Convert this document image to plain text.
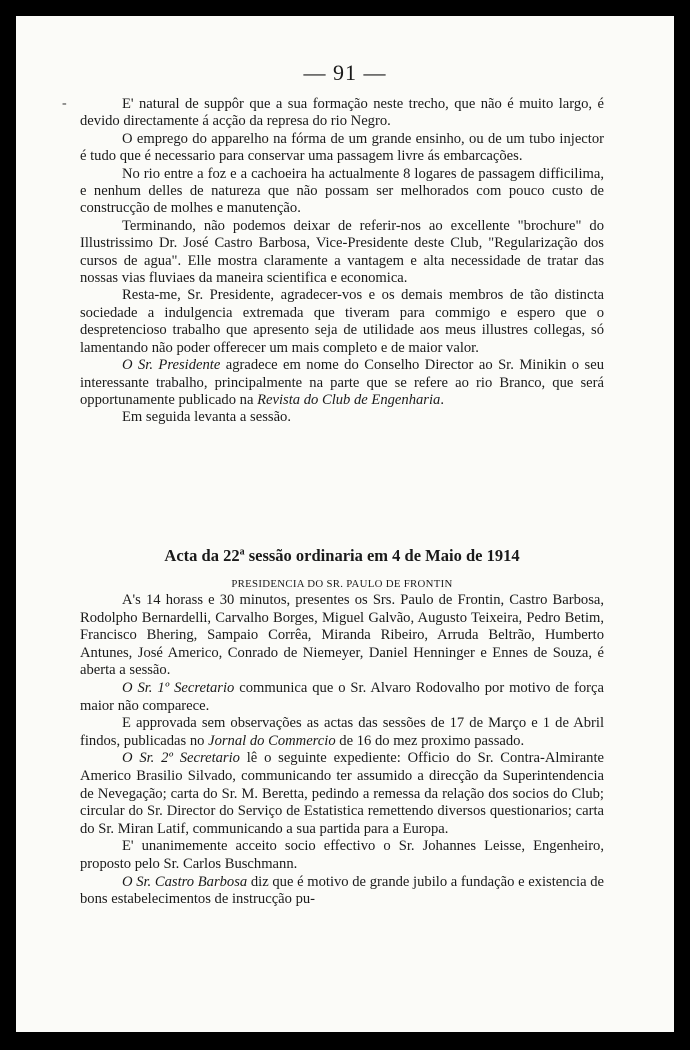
— 91 —
-	E' natural de suppôr que a sua formação neste trecho, que não é muito largo, é devido directamente á acção da represa do rio Negro.

O emprego do apparelho na fórma de um grande ensinho, ou de um tubo injector é tudo que é necessario para conservar uma passagem livre ás embarcações.

No rio entre a foz e a cachoeira ha actualmente 8 logares de passagem difficilima, e nenhum delles de natureza que não possam ser melhorados com pouco custo de construcção de molhes e manutenção.

Terminando, não podemos deixar de referir-nos ao excellente "brochure" do Illustrissimo Dr. José Castro Barbosa, Vice-Presidente deste Club, "Regularização dos cursos de agua". Elle mostra claramente a vantagem e alta necessidade de tratar das nossas vias fluviaes da maneira scientifica e economica.

Resta-me, Sr. Presidente, agradecer-vos e os demais membros de tão distincta sociedade a indulgencia extremada que tiveram para commigo e espero que o despretencioso trabalho que apresento seja de utilidade aos meus illustres collegas, só lamentando não poder offerecer um mais completo e de maior valor.

O Sr. Presidente agradece em nome do Conselho Director ao Sr. Minikin o seu interessante trabalho, principalmente na parte que se refere ao rio Branco, que será opportunamente publicado na Revista do Club de Engenharia.

Em seguida levanta a sessão.

Acta da 22$^a$ sessão ordinaria em 4 de Maio de 1914
PRESIDENCIA DO SR. PAULO DE FRONTIN

A's 14 horass e 30 minutos, presentes os Srs. Paulo de Frontin, Castro Barbosa, Rodolpho Bernardelli, Carvalho Borges, Miguel Galvão, Augusto Teixeira, Pedro Betim, Francisco Bhering, Sampaio Corrêa, Miranda Ribeiro, Arruda Beltrão, Humberto Antunes, José Americo, Conrado de Niemeyer, Daniel Henninger e Ennes de Souza, é aberta a sessão.

O Sr. 1º Secretario communica que o Sr. Alvaro Rodovalho por motivo de força maior não comparece.

E approvada sem observações as actas das sessões de 17 de Março e 1 de Abril findos, publicadas no Jornal do Commercio de 16 do mez proximo passado.

O Sr. 2º Secretario lê o seguinte expediente: Officio do Sr. Contra-Almirante Americo Brasilio Silvado, communicando ter assumido a direcção da Superintendencia de Nevegação; carta do Sr. M. Beretta, pedindo a remessa da relação dos socios do Club; circular do Sr. Director do Serviço de Estatistica remettendo diversos questionarios; carta do Sr. Miran Latif, communicando a sua partida para a Europa.

E' unanimemente acceito socio effectivo o Sr. Johannes Leisse, Engenheiro, proposto pelo Sr. Carlos Buschmann.

O Sr. Castro Barbosa diz que é motivo de grande jubilo a fundação e existencia de bons estabelecimentos de instrucção pu-
